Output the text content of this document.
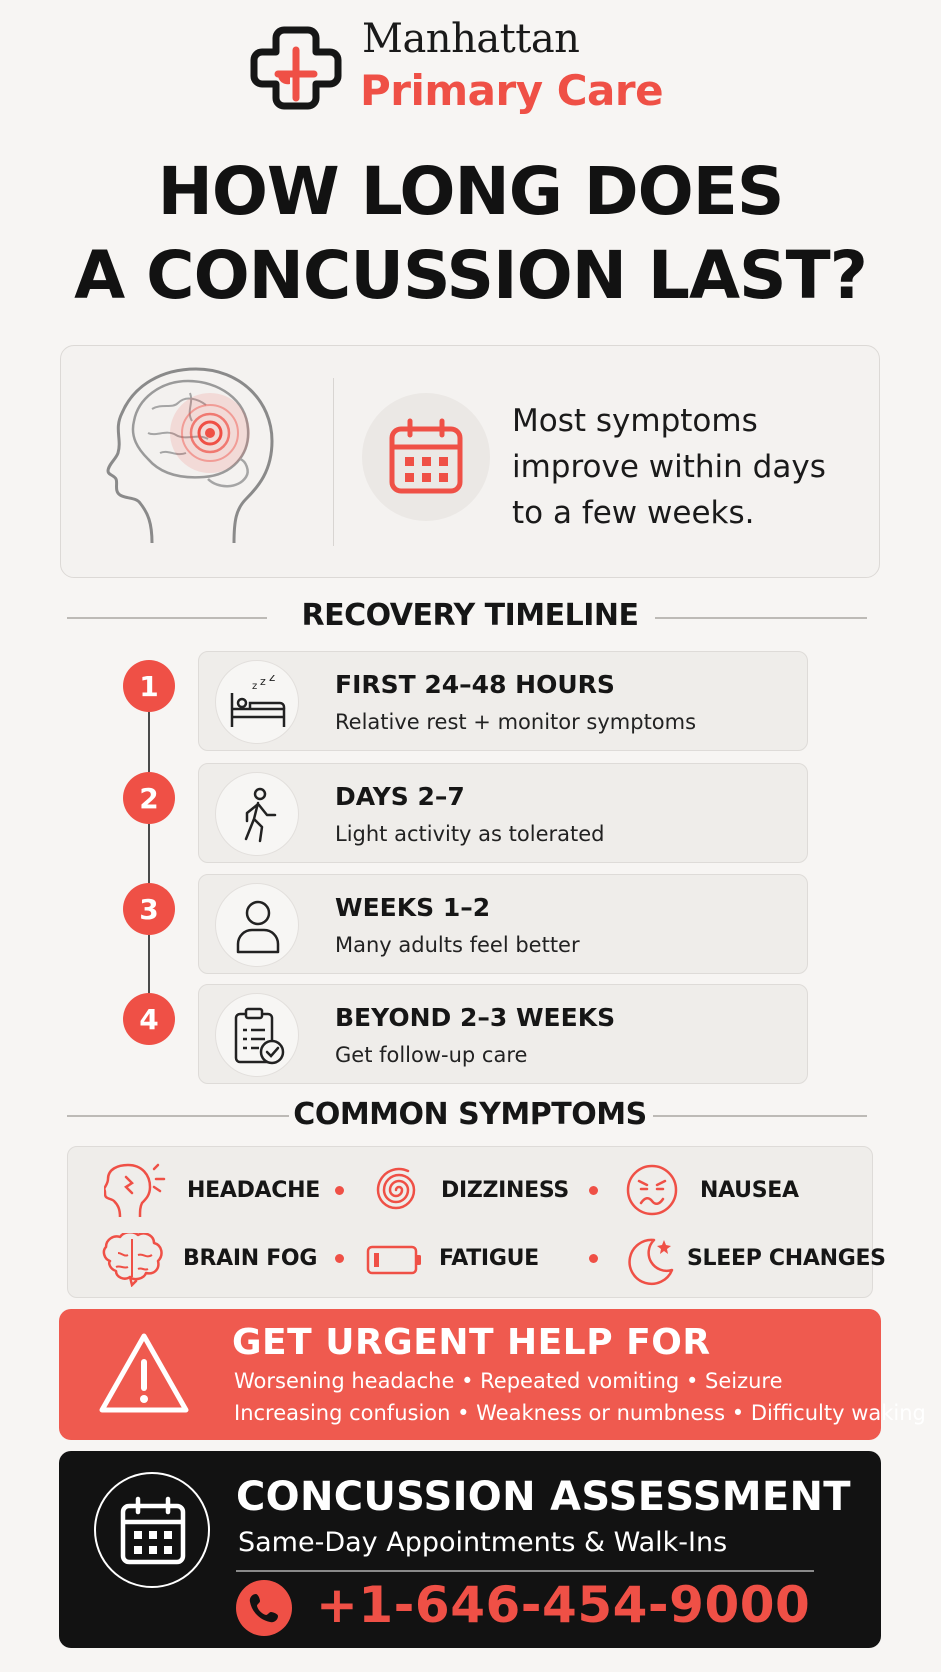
Manhattan
Primary Care
HOW LONG DOES
A CONCUSSION LAST?
Most symptoms improve within days to a few weeks.
RECOVERY TIMELINE
1	z z z FIRST 24–48 HOURS
Relative rest + monitor symptoms
2	DAYS 2–7
Light activity as tolerated
3	WEEKS 1–2
Many adults feel better
4	BEYOND 2–3 WEEKS
Get follow-up care
COMMON SYMPTOMS
HEADACHE	DIZZINESS	NAUSEA
BRAIN FOG	FATIGUE	SLEEP CHANGES
GET URGENT HELP FOR
Worsening headache • Repeated vomiting • Seizure
Increasing confusion • Weakness or numbness • Difficulty waking
CONCUSSION ASSESSMENT
Same-Day Appointments & Walk-Ins
+1-646-454-9000
